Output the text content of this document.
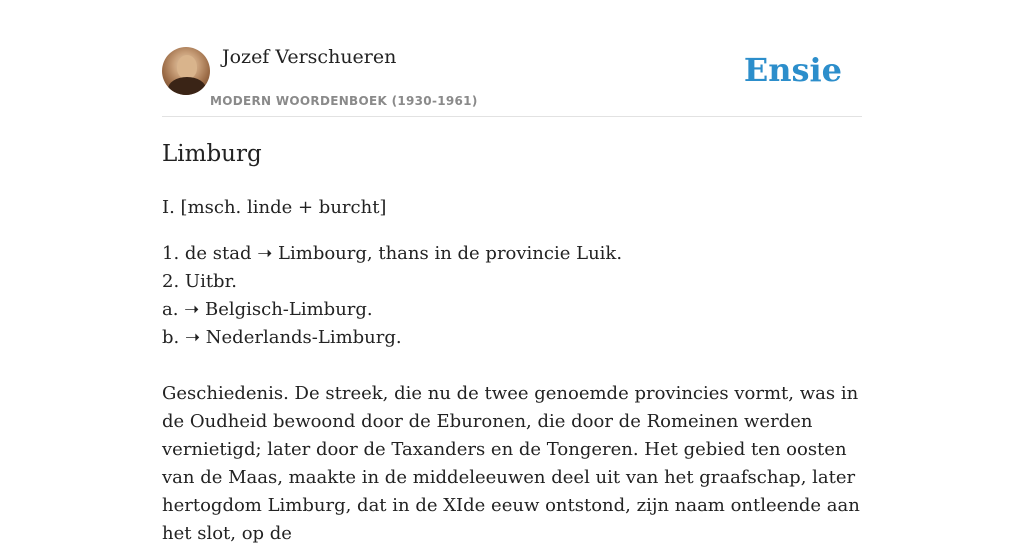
Jozef Verschueren
MODERN WOORDENBOEK (1930-1961)
Ensie
Limburg

I. [msch. linde + burcht]

1. de stad ➝ Limbourg, thans in de provincie Luik.
2. Uitbr.
a. ➝ Belgisch-Limburg.
b. ➝ Nederlands-Limburg.

Geschiedenis. De streek, die nu de twee genoemde provincies vormt, was in de Oudheid bewoond door de Eburonen, die door de Romeinen werden vernietigd; later door de Taxanders en de Tongeren. Het gebied ten oosten van de Maas, maakte in de middeleeuwen deel uit van het graafschap, later hertogdom Limburg, dat in de XIde eeuw ontstond, zijn naam ontleende aan het slot, op de
